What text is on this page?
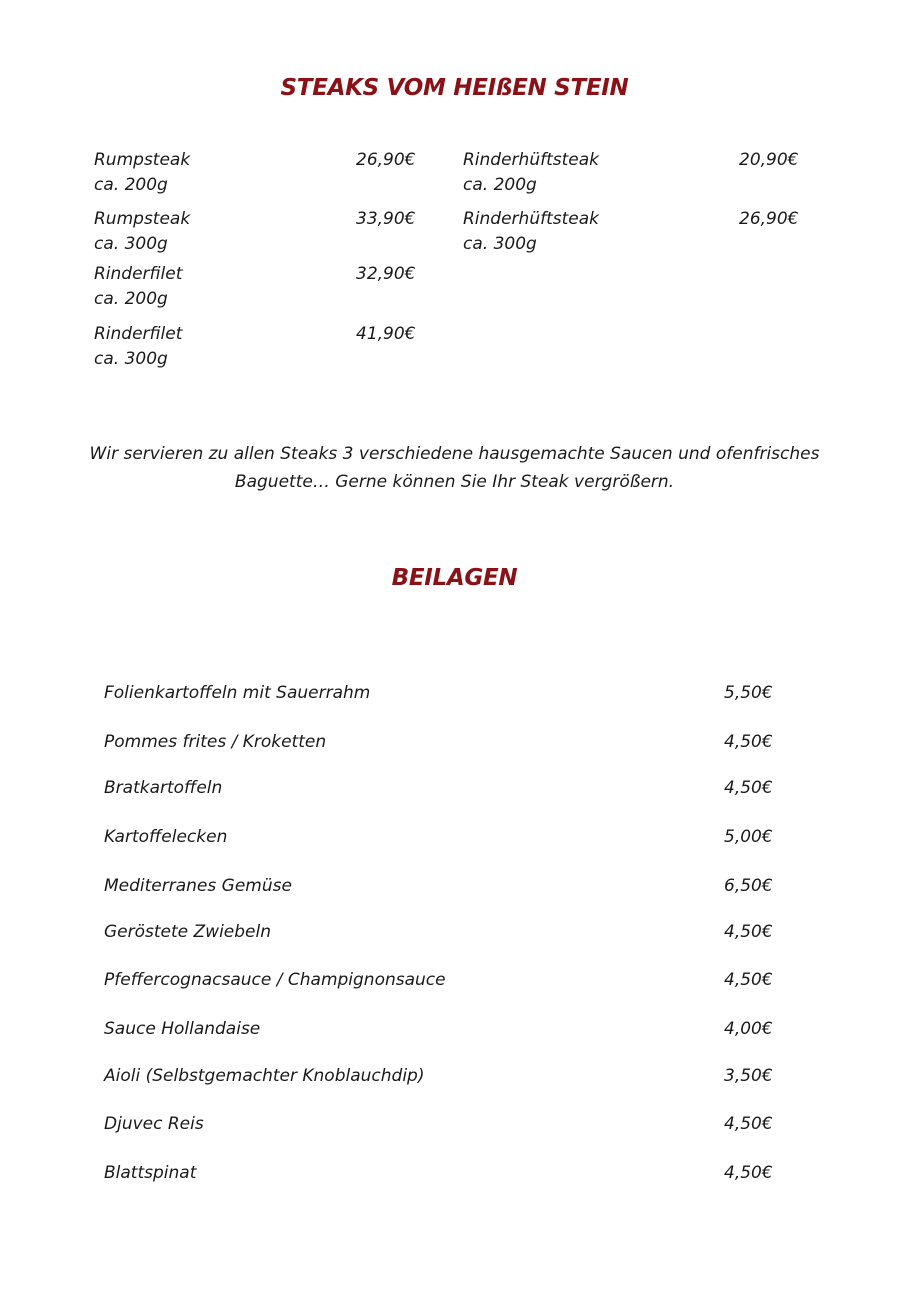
STEAKS VOM HEIßEN STEIN
Rumpsteak
ca. 200g
26,90€
Rumpsteak
ca. 300g
33,90€
Rinderfilet
ca. 200g
32,90€
Rinderfilet
ca. 300g
41,90€
Rinderhüftsteak
ca. 200g
20,90€
Rinderhüftsteak
ca. 300g
26,90€
Wir servieren zu allen Steaks 3 verschiedene hausgemachte Saucen und ofenfrisches
Baguette… Gerne können Sie Ihr Steak vergrößern.
BEILAGEN
Folienkartoffeln mit Sauerrahm	5,50€
Pommes frites / Kroketten	4,50€
Bratkartoffeln	4,50€
Kartoffelecken	5,00€
Mediterranes Gemüse	6,50€
Geröstete Zwiebeln	4,50€
Pfeffercognacsauce / Champignonsauce	4,50€
Sauce Hollandaise	4,00€
Aioli (Selbstgemachter Knoblauchdip)	3,50€
Djuvec Reis	4,50€
Blattspinat	4,50€
